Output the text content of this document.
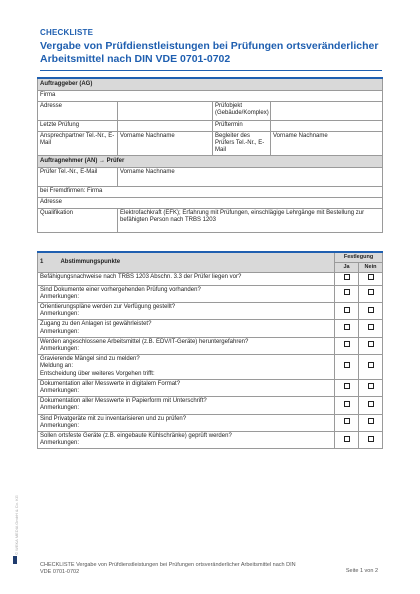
CHECKLISTE
Vergabe von Prüfdienstleistungen bei Prüfungen ortsveränderlicher Arbeitsmittel nach DIN VDE 0701-0702
Auftraggeber (AG)			
Firma			
Adresse		Prüfobjekt (Gebäude/Komplex)	
Letzte Prüfung		Prüftermin	
Ansprechpartner Tel.-Nr., E-Mail	Vorname Nachname	Begleiter des Prüfers Tel.-Nr., E-Mail	Vorname Nachname
Auftragnehmer (AN) → Prüfer			
Prüfer Tel.-Nr., E-Mail	Vorname Nachname		
bei Fremdfirmen: Firma			
Adresse			
Qualifikation	Elektrofachkraft (EFK); Erfahrung mit Prüfungen, einschlägige Lehrgänge mit Bestellung zur befähigten Person nach TRBS 1203		
1 Abstimmungspunkte	Festlegung	
	Ja	Nein
Befähigungsnachweise nach TRBS 1203 Abschn. 3.3 der Prüfer liegen vor?		
Sind Dokumente einer vorhergehenden Prüfung vorhanden?
Anmerkungen:		
Orientierungspläne werden zur Verfügung gestellt?
Anmerkungen:		
Zugang zu den Anlagen ist gewährleistet?
Anmerkungen:		
Werden angeschlossene Arbeitsmittel (z.B. EDV/IT-Geräte) heruntergefahren?
Anmerkungen:		
Gravierende Mängel sind zu melden?
Meldung an:
Entscheidung über weiteres Vorgehen trifft:		
Dokumentation aller Messwerte in digitalem Format?
Anmerkungen:		
Dokumentation aller Messwerte in Papierform mit Unterschrift?
Anmerkungen:		
Sind Privatgeräte mit zu inventarisieren und zu prüfen?
Anmerkungen:		
Sollen ortsfeste Geräte (z.B. eingebaute Kühlschränke) geprüft werden?
Anmerkungen:		
CHECKLISTE Vergabe von Prüfdienstleistungen bei Prüfungen ortsveränderlicher Arbeitsmittel nach DIN VDE 0701-0702	Seite 1 von 2
© WEKA MEDIA GmbH & Co. KG
